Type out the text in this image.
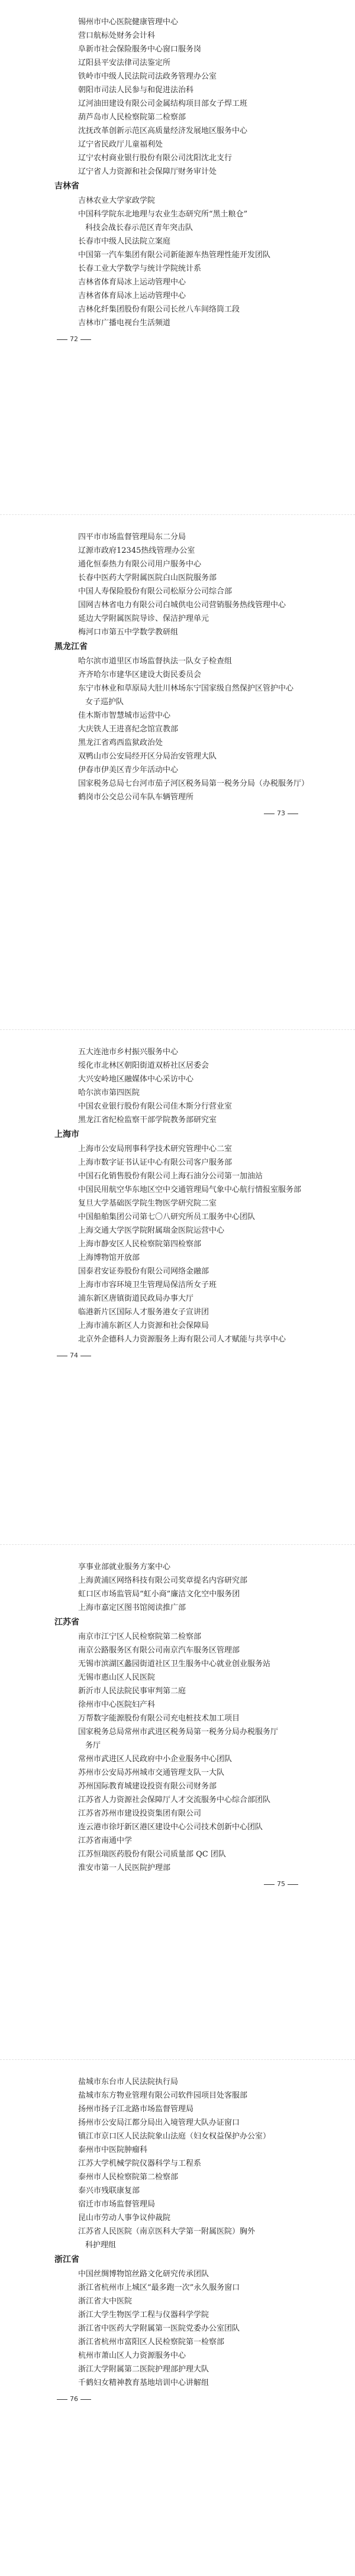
锡州市中心医院健康管理中心

营口航标处财务会计科

阜新市社会保险服务中心窗口服务岗

辽阳县平安法律司法鉴定所

铁岭市中级人民法院司法政务管理办公室

朝阳市司法人民参与和促进法治科

辽河油田建设有限公司金属结构项目部女子焊工班

葫芦岛市人民检察院第二检察部

沈抚改革创新示范区高质量经济发展地区服务中心

辽宁省民政厅儿童福利处

辽宁农村商业银行股份有限公司沈阳沈北支行

辽宁省人力资源和社会保障厅财务审计处

吉林省

吉林农业大学家政学院

中国科学院东北地理与农业生态研究所“黑土粮仓”

科技会战长春示范区青年突击队

长春市中级人民法院立案庭

中国第一汽车集团有限公司新能源车热管理性能开发团队

长春工业大学数学与统计学院统计系

吉林省体育局冰上运动管理中心

吉林省体育局冰上运动管理中心

吉林化纤集团股份有限公司长丝八车间络筒工段

吉林市广播电视台生活频道

72

四平市市场监督管理局东二分局

辽源市政府12345热线管理办公室

通化恒泰热力有限公司用户服务中心

长春中医药大学附属医院白山医院服务部

中国人寿保险股份有限公司松原分公司综合部

国网吉林省电力有限公司白城供电公司营销服务热线管理中心

延边大学附属医院导诊、保洁护理单元

梅河口市第五中学数学教研组

黑龙江省

哈尔滨市道里区市场监督执法一队女子检查组

齐齐哈尔市建华区建设大街民委员会

东宁市林业和草原局大肚川林场东宁国家级自然保护区管护中心

女子巡护队

佳木斯市智慧城市运营中心

大庆铁人王进喜纪念馆宣教部

黑龙江省鸡西监狱政治处

双鸭山市公安局经开区分局治安管理大队

伊春市伊美区青少年活动中心

国家税务总局七台河市茄子河区税务局第一税务分局（办税服务厅）

鹤岗市公交总公司车队车辆管理所

73

五大连池市乡村振兴服务中心

绥化市北林区朝阳街道双桥社区居委会

大兴安岭地区融媒体中心采访中心

哈尔滨市第四医院

中国农业银行股份有限公司佳木斯分行营业室

黑龙江省纪检监察干部学院教务部研究室

上海市

上海市公安局刑事科学技术研究管理中心二室

上海市数字证书认证中心有限公司客户服务部

中国石化销售股份有限公司上海石油分公司第一加油站

中国民用航空华东地区空中交通管理局气象中心航行情报室服务部

复旦大学基础医学院生物医学研究院二室

中国船舶集团公司第七〇八研究所员工服务中心团队

上海交通大学医学院附属瑞金医院运营中心

上海市静安区人民检察院第四检察部

上海博物馆开放部

国泰君安证券股份有限公司网络金融部

上海市市容环境卫生管理局保洁所女子班

浦东新区唐镇街道民政局办事大厅

临港新片区国际人才服务港女子宣讲团

上海市浦东新区人力资源和社会保障局

北京外企德科人力资源服务上海有限公司人才赋能与共享中心

74

享事业部就业服务方案中心

上海黄浦区网络科技有限公司奖章提名内容研究部

虹口区市场监管局“虹小商”廉洁文化空中服务团

上海市嘉定区图书馆阅读推广部

江苏省

南京市江宁区人民检察院第二检察部

南京公路服务区有限公司南京汽车服务区管理部

无锡市滨湖区蠡园街道社区卫生服务中心就业创业服务站

无锡市惠山区人民医院

新沂市人民法院民事审判第二庭

徐州市中心医院妇产科

万帮数字能源股份有限公司充电桩技术加工项目

国家税务总局常州市武进区税务局第一税务分局办税服务厅

务厅

常州市武进区人民政府中小企业服务中心团队

苏州市公安局苏州城市交通管理支队一大队

苏州国际教育城建设投资有限公司财务部

江苏省人力资源社会保障厅人才交流服务中心综合部团队

江苏省苏州市建设投资集团有限公司

连云港市徐圩新区港区建设中心公司技术创新中心团队

江苏省南通中学

江苏恒瑞医药股份有限公司质量部 QC 团队

淮安市第一人民医院护理部

75

盐城市东台市人民法院执行局

盐城市东方物业管理有限公司软件园项目处客服部

扬州市扬子江北路市场监督管理局

扬州市公安局江都分局出入境管理大队办证窗口

镇江市京口区人民法院象山法庭（妇女权益保护办公室）

泰州市中医院肿瘤科

江苏大学机械学院仪器科学与工程系

泰州市人民检察院第二检察部

泰兴市残联康复部

宿迁市市场监督管理局

昆山市劳动人事争议仲裁院

江苏省人民医院（南京医科大学第一附属医院）胸外

科护理组

浙江省

中国丝绸博物馆丝路文化研究传承团队

浙江省杭州市上城区“最多跑一次”永久服务窗口

浙江省大中医院

浙江大学生物医学工程与仪器科学学院

浙江省中医药大学附属第一医院党委办公室团队

浙江省杭州市富阳区人民检察院第一检察部

杭州市萧山区人力资源服务中心

浙江大学附属第二医院护理部护理大队

千鹤妇女精神教育基地培训中心讲解组

76
